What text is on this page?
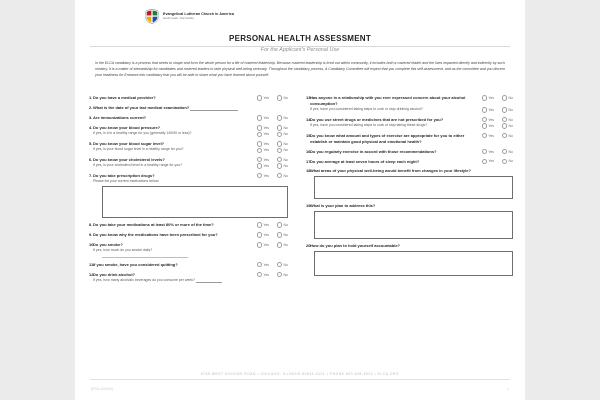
Evangelical Lutheran Church in America
God's work. Our hands.
PERSONAL HEALTH ASSESSMENT
For the Applicant's Personal Use
In the ELCA candidacy is a process that seeks to shape and form the whole person for a life of rostered leadership. Because rostered leadership is lived out within community, it includes both a rostered leader and the lives impacted directly and indirectly by such ministry. It is a matter of stewardship for candidates and rostered leaders to take physical well-being seriously. Throughout the candidacy process, A Candidacy Committee will expect that you complete this self-assessment, and as the committee and you discern your readiness for Entrance into candidacy that you will be able to share what you have learned about yourself.
1. Do you have a medical provider?	Yes	No
2. What is the date of your last medical examination?
3. Are immunizations current?	Yes	No
4. Do you know your blood pressure?	Yes	No
If yes, is it in a healthy range for you (generally 140/90 or less)?	Yes	No
5. Do you know your blood sugar level?	Yes	No
If yes, is your blood sugar level in a healthy range for you?	Yes	No
6. Do you know your cholesterol levels?	Yes	No
If yes, is your cholesterol level in a healthy range for you?	Yes	No
7. Do you take prescription drugs?	Yes	No
Please list your current medications below.
8. Do you take your medications at least 80% or more of the time?	Yes	No
9. Do you know why the medications have been prescribed for you?	Yes	No
10.
Do you smoke?	Yes	No
If yes, how much do you smoke daily?
11.
If you smoke, have you considered quitting?	Yes	No
12.
Do you drink alcohol?	Yes	No
If yes, how many alcoholic beverages do you consume per week?
13.
Has anyone in a relationship with you ever expressed concern about your alcohol consumption?
Yes	No
If yes, have you considered taking steps to curb or stop drinking alcohol?	Yes	No
14.
Do you use street drugs or medicines that are not prescribed for you?	Yes	No
If yes, have you considered taking steps to curb or stop taking these drugs?	Yes	No
15.
Do you know what amount and types of exercise are appropriate for you to either establish or maintain good physical and emotional health?
Yes	No
16.
Do you regularly exercise in accord with those recommendations?	Yes	No
17.
Do you average at least seven hours of sleep each night?	Yes	No
18.
What areas of your physical well-being would benefit from changes in your lifestyle?
19.
What is your plan to address this?
20.
How do you plan to hold yourself accountable?
8765 WEST HIGGINS ROAD • CHICAGO, ILLINOIS 60631-4101 • PHONE 800-638-3522 • ELCA.ORG
[PSA 10/4/16]	1
